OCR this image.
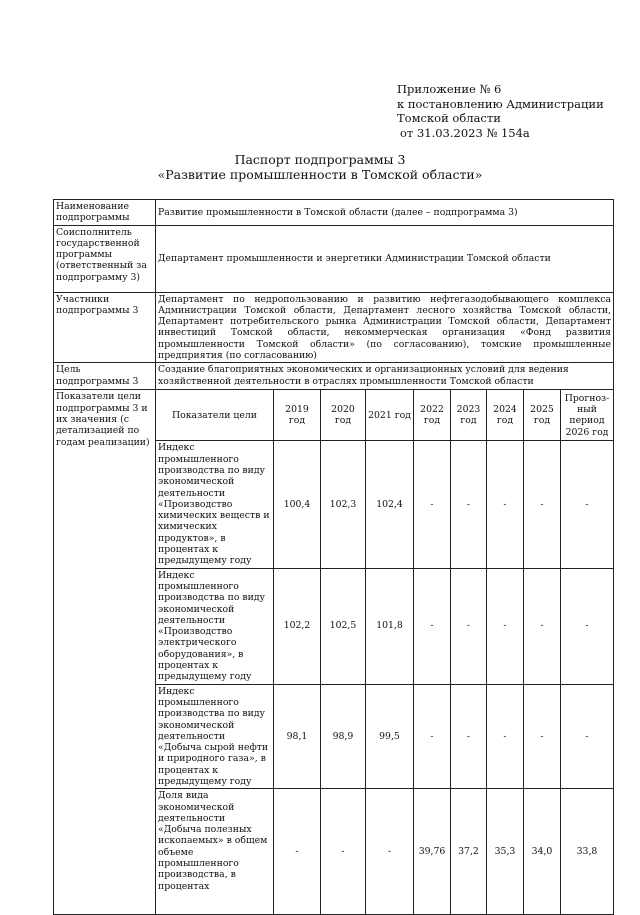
Приложение № 6
к постановлению Администрации
Томской области
от 31.03.2023 № 154а
Паспорт подпрограммы 3
«Развитие промышленности в Томской области»
Наименование подпрограммы	Развитие промышленности в Томской области (далее – подпрограмма 3)								
Соисполнитель государственной программы (ответственный за подпрограмму 3)	Департамент промышленности и энергетики Администрации Томской области								
Участники подпрограммы 3	Департамент по недропользованию и развитию нефтегазодобывающего комплекса Администрации Томской области, Департамент лесного хозяйства Томской области, Департамент потребительского рынка Администрации Томской области, Департамент инвестиций Томской области, некоммерческая организация «Фонд развития промышленности Томской области» (по согласованию), томские промышленные предприятия (по согласованию)								
Цель подпрограммы 3	Создание благоприятных экономических и организационных условий для ведения хозяйственной деятельности в отраслях промышленности Томской области								
Показатели цели подпрограммы 3 и их значения (с детализацией по годам реализации)	Показатели цели	2019 год	2020 год	2021 год	2022 год	2023 год	2024 год	2025 год	Прогноз-ный период 2026 год
	Индекс промышленного производства по виду экономической деятельности «Производство химических веществ и химических продуктов», в процентах к предыдущему году	100,4	102,3	102,4	-	-	-	-	-
	Индекс промышленного производства по виду экономической деятельности «Производство электрического оборудования», в процентах к предыдущему году	102,2	102,5	101,8	-	-	-	-	-
	Индекс промышленного производства по виду экономической деятельности «Добыча сырой нефти и природного газа», в процентах к предыдущему году	98,1	98,9	99,5	-	-	-	-	-
	Доля вида экономической деятельности «Добыча полезных ископаемых» в общем объеме промышленного производства, в процентах	-	-	-	39,76	37,2	35,3	34,0	33,8
